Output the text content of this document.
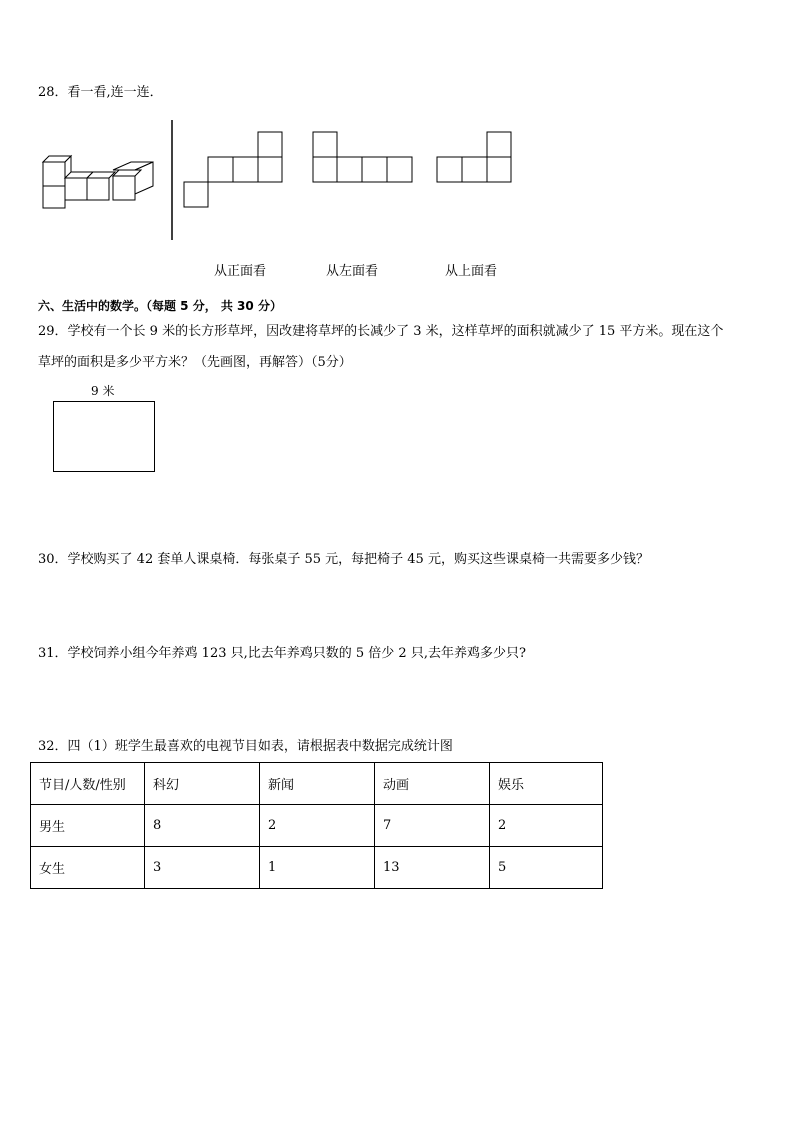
28．看一看,连一连．
从正面看	从左面看	从上面看
六、生活中的数学。（每题 5 分， 共 30 分）
29．学校有一个长 9 米的长方形草坪，因改建将草坪的长减少了 3 米，这样草坪的面积就减少了 15 平方米。现在这个
草坪的面积是多少平方米？（先画图，再解答）（5分）
9 米
30．学校购买了 42 套单人课桌椅．每张桌子 55 元，每把椅子 45 元，购买这些课桌椅一共需要多少钱？
31．学校饲养小组今年养鸡 123 只,比去年养鸡只数的 5 倍少 2 只,去年养鸡多少只?
32．四（1）班学生最喜欢的电视节目如表，请根据表中数据完成统计图
节目/人数/性别	科幻	新闻	动画	娱乐
男生	8	2	7	2
女生	3	1	13	5
